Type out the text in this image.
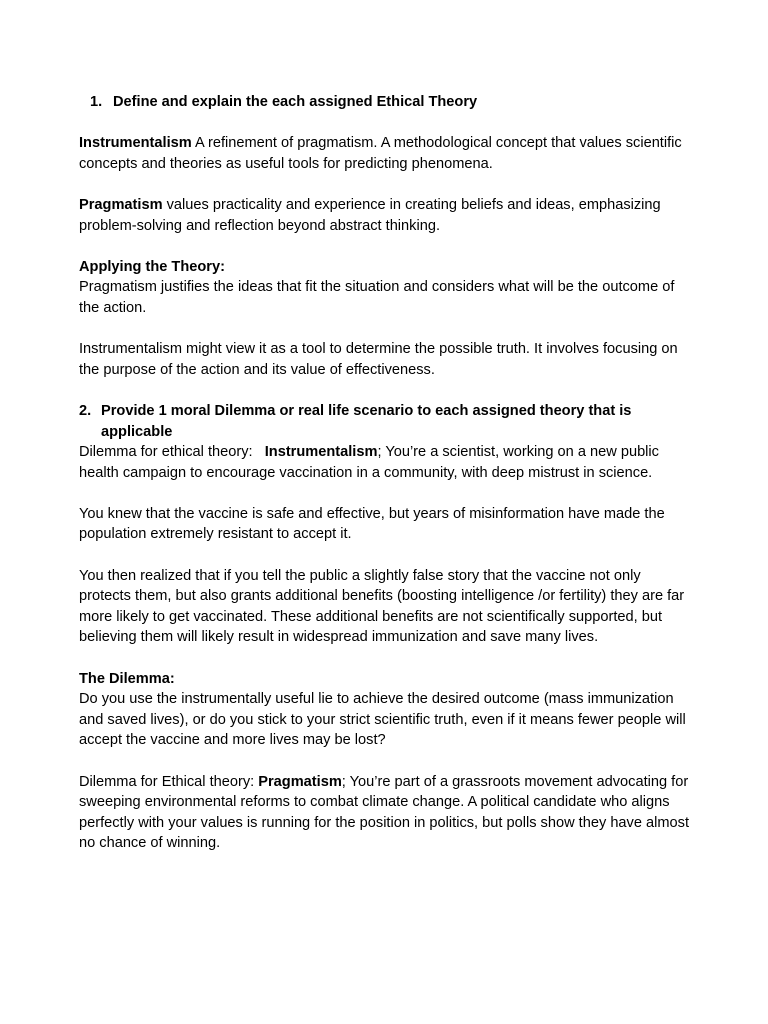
1. Define and explain the each assigned Ethical Theory

Instrumentalism A refinement of pragmatism. A methodological concept that values scientific concepts and theories as useful tools for predicting phenomena.

Pragmatism values practicality and experience in creating beliefs and ideas, emphasizing problem-solving and reflection beyond abstract thinking.

Applying the Theory:
Pragmatism justifies the ideas that fit the situation and considers what will be the outcome of the action.

Instrumentalism might view it as a tool to determine the possible truth. It involves focusing on the purpose of the action and its value of effectiveness.

2. Provide 1 moral Dilemma or real life scenario to each assigned theory that is applicable

Dilemma for ethical theory:   Instrumentalism; You’re a scientist, working on a new public health campaign to encourage vaccination in a community, with deep mistrust in science.

You knew that the vaccine is safe and effective, but years of misinformation have made the population extremely resistant to accept it.

You then realized that if you tell the public a slightly false story that the vaccine not only protects them, but also grants additional benefits (boosting intelligence /or fertility) they are far more likely to get vaccinated. These additional benefits are not scientifically supported, but believing them will likely result in widespread immunization and save many lives.

The Dilemma:
Do you use the instrumentally useful lie to achieve the desired outcome (mass immunization and saved lives), or do you stick to your strict scientific truth, even if it means fewer people will accept the vaccine and more lives may be lost?

Dilemma for Ethical theory: Pragmatism; You’re part of a grassroots movement advocating for sweeping environmental reforms to combat climate change. A political candidate who aligns perfectly with your values is running for the position in politics, but polls show they have almost no chance of winning.
